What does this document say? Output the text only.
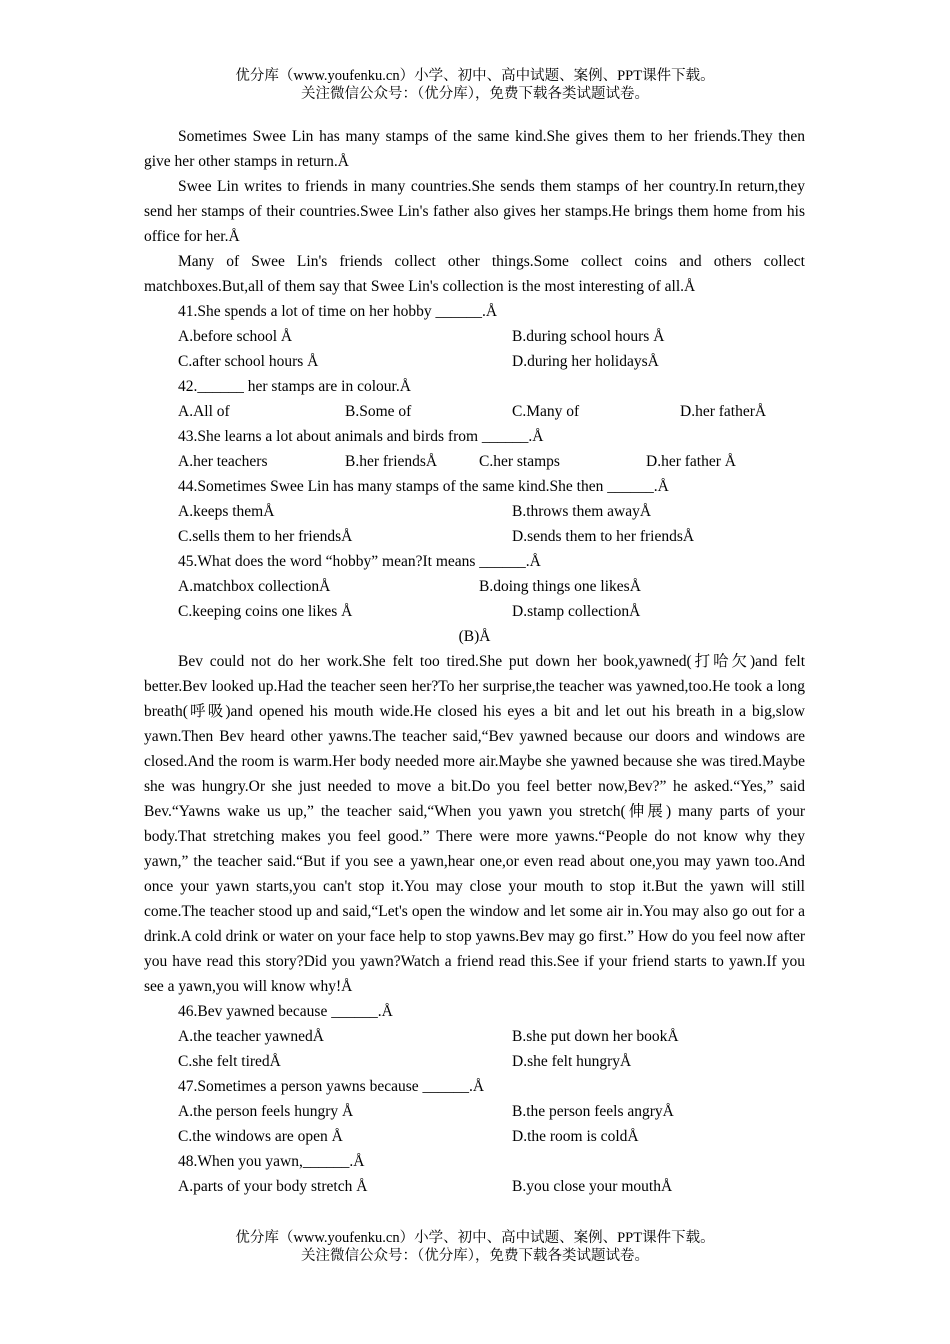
优分库（www.youfenku.cn）小学、初中、高中试题、案例、PPT课件下载。
关注微信公众号：（优分库），免费下载各类试题试卷。

Sometimes Swee Lin has many stamps of the same kind.She gives them to her friends.They then give her other stamps in return.Å

Swee Lin writes to friends in many countries.She sends them stamps of her country.In return,they send her stamps of their countries.Swee Lin's father also gives her stamps.He brings them home from his office for her.Å

Many of Swee Lin's friends collect other things.Some collect coins and others collect matchboxes.But,all of them say that Swee Lin's collection is the most interesting of all.Å

41.She spends a lot of time on her hobby ______.Å
A.before school Å	B.during school hours Å
C.after school hours Å	D.during her holidaysÅ
42.______ her stamps are in colour.Å
A.All of	B.Some of	C.Many of	D.her fatherÅ
43.She learns a lot about animals and birds from ______.Å
A.her teachers	B.her friendsÅ	C.her stamps	D.her father Å
44.Sometimes Swee Lin has many stamps of the same kind.She then ______.Å
A.keeps themÅ	B.throws them awayÅ
C.sells them to her friendsÅ	D.sends them to her friendsÅ
45.What does the word “hobby” mean?It means ______.Å
A.matchbox collectionÅ	B.doing things one likesÅ
C.keeping coins one likes Å	D.stamp collectionÅ
(B)Å

Bev could not do her work.She felt too tired.She put down her book,yawned(打哈欠)and felt better.Bev looked up.Had the teacher seen her?To her surprise,the teacher was yawned,too.He took a long breath(呼吸)and opened his mouth wide.He closed his eyes a bit and let out his breath in a big,slow yawn.Then Bev heard other yawns.The teacher said,“Bev yawned because our doors and windows are closed.And the room is warm.Her body needed more air.Maybe she yawned because she was tired.Maybe she was hungry.Or she just needed to move a bit.Do you feel better now,Bev?” he asked.“Yes,” said Bev.“Yawns wake us up,” the teacher said,“When you yawn you stretch(伸展) many parts of your body.That stretching makes you feel good.” There were more yawns.“People do not know why they yawn,” the teacher said.“But if you see a yawn,hear one,or even read about one,you may yawn too.And once your yawn starts,you can't stop it.You may close your mouth to stop it.But the yawn will still come.The teacher stood up and said,“Let's open the window and let some air in.You may also go out for a drink.A cold drink or water on your face help to stop yawns.Bev may go first.” How do you feel now after you have read this story?Did you yawn?Watch a friend read this.See if your friend starts to yawn.If you see a yawn,you will know why!Å

46.Bev yawned because ______.Å
A.the teacher yawnedÅ	B.she put down her bookÅ
C.she felt tiredÅ	D.she felt hungryÅ
47.Sometimes a person yawns because ______.Å
A.the person feels hungry Å	B.the person feels angryÅ
C.the windows are open Å	D.the room is coldÅ
48.When you yawn,______.Å
A.parts of your body stretch Å	B.you close your mouthÅ
优分库（www.youfenku.cn）小学、初中、高中试题、案例、PPT课件下载。
关注微信公众号：（优分库），免费下载各类试题试卷。
